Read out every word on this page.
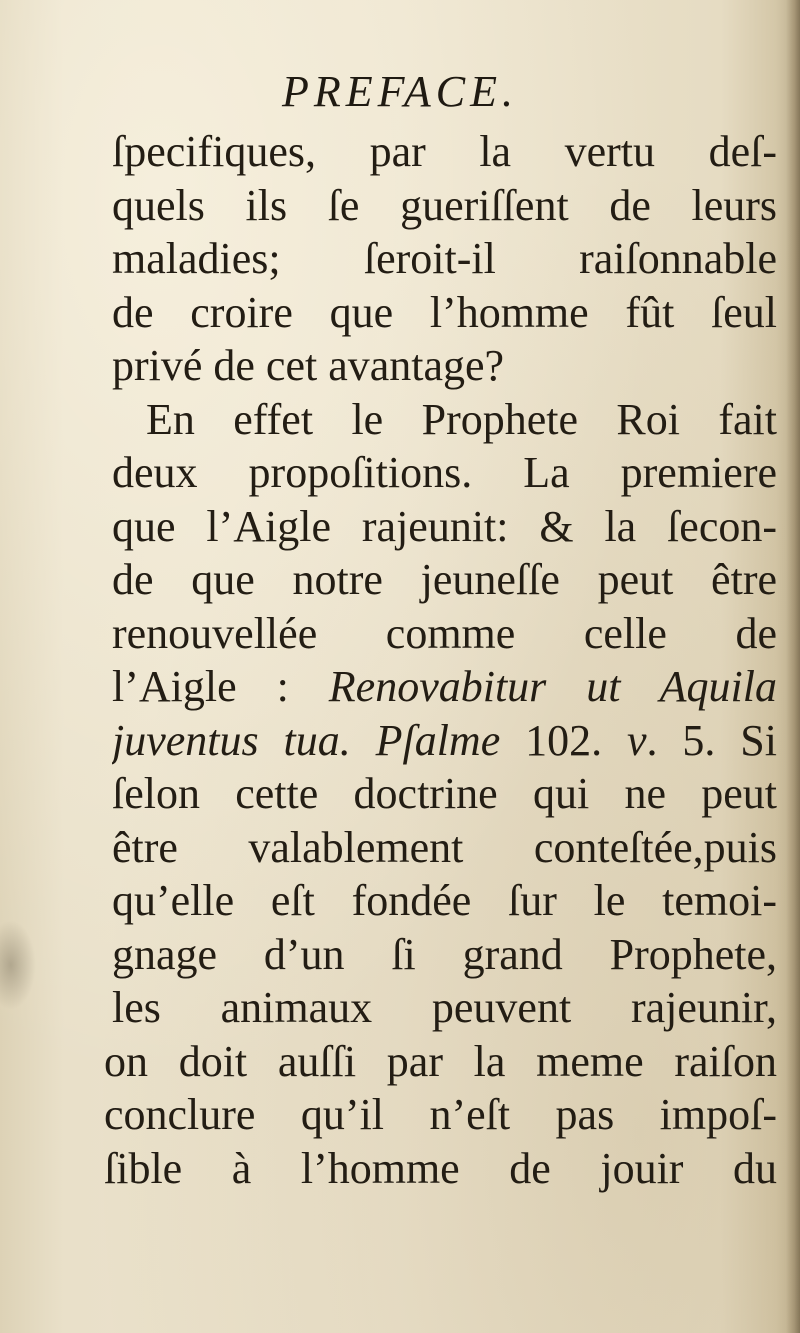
PREFACE.
ſpecifiques, par la vertu deſ-
quels ils ſe gueriſſent de leurs
maladies; ſeroit-il raiſonnable
de croire que l’homme fût ſeul
privé de cet avantage?
En effet le Prophete Roi fait
deux propoſitions. La premiere
que l’Aigle rajeunit: & la ſecon-
de que notre jeuneſſe peut être
renouvellée comme celle de
l’Aigle : Renovabitur ut Aquila
juventus tua. Pſalme 102. v. 5. Si
ſelon cette doctrine qui ne peut
être valablement conteſtée,puis
qu’elle eſt fondée ſur le temoi-
gnage d’un ſi grand Prophete,
les animaux peuvent rajeunir,
on doit auſſi par la meme raiſon
conclure qu’il n’eſt pas impoſ-
ſible à l’homme de jouir du
